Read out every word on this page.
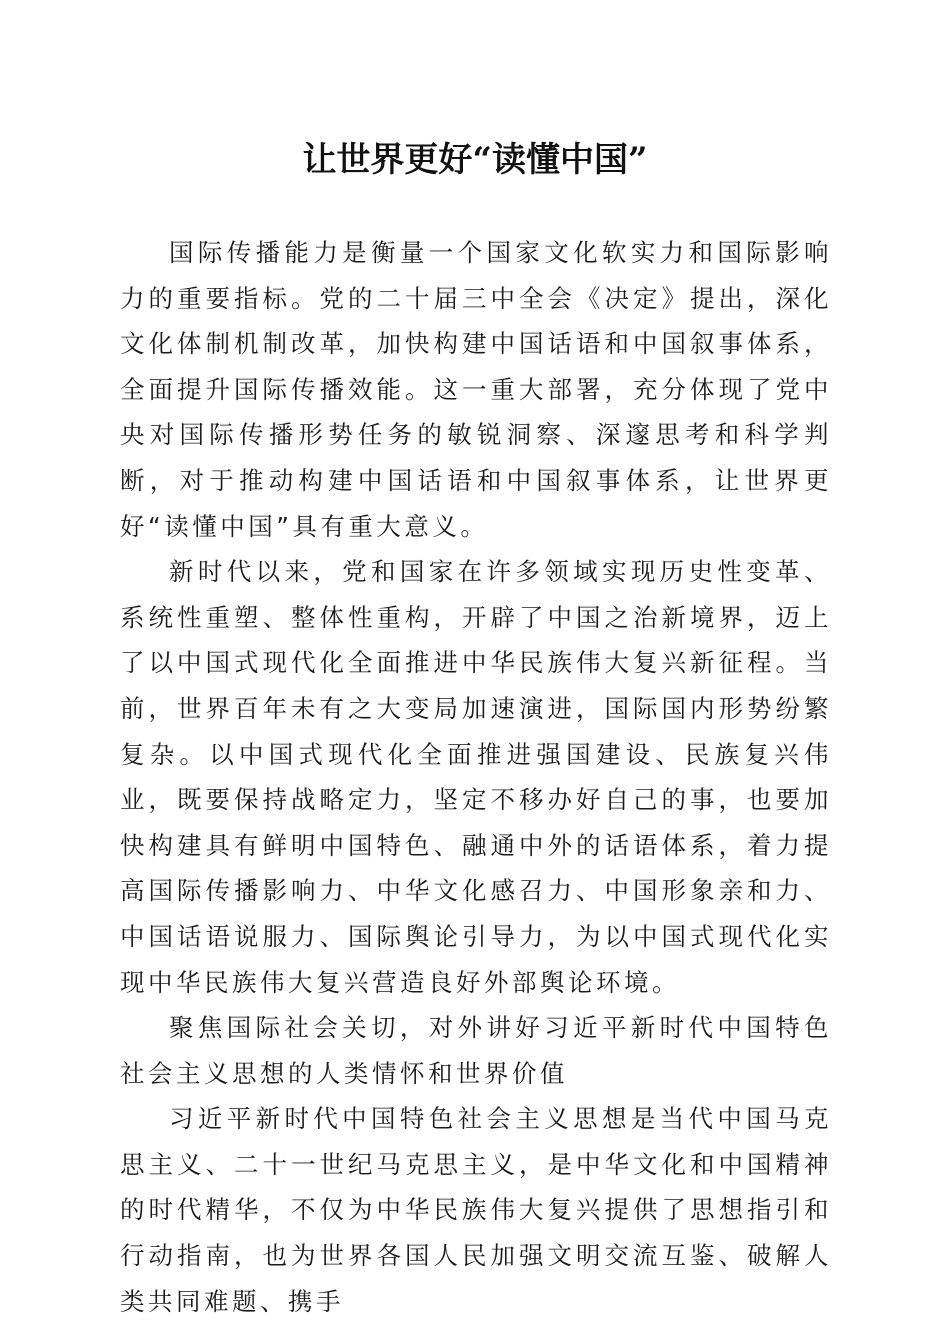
让世界更好“读懂中国”

国际传播能力是衡量一个国家文化软实力和国际影响力的重要指标。党的二十届三中全会《决定》提出，深化文化体制机制改革，加快构建中国话语和中国叙事体系，全面提升国际传播效能。这一重大部署，充分体现了党中央对国际传播形势任务的敏锐洞察、深邃思考和科学判断，对于推动构建中国话语和中国叙事体系，让世界更好“读懂中国”具有重大意义。

新时代以来，党和国家在许多领域实现历史性变革、系统性重塑、整体性重构，开辟了中国之治新境界，迈上了以中国式现代化全面推进中华民族伟大复兴新征程。当前，世界百年未有之大变局加速演进，国际国内形势纷繁复杂。以中国式现代化全面推进强国建设、民族复兴伟业，既要保持战略定力，坚定不移办好自己的事，也要加快构建具有鲜明中国特色、融通中外的话语体系，着力提高国际传播影响力、中华文化感召力、中国形象亲和力、中国话语说服力、国际舆论引导力，为以中国式现代化实现中华民族伟大复兴营造良好外部舆论环境。

聚焦国际社会关切，对外讲好习近平新时代中国特色社会主义思想的人类情怀和世界价值

习近平新时代中国特色社会主义思想是当代中国马克思主义、二十一世纪马克思主义，是中华文化和中国精神的时代精华，不仅为中华民族伟大复兴提供了思想指引和行动指南，也为世界各国人民加强文明交流互鉴、破解人类共同难题、携手
